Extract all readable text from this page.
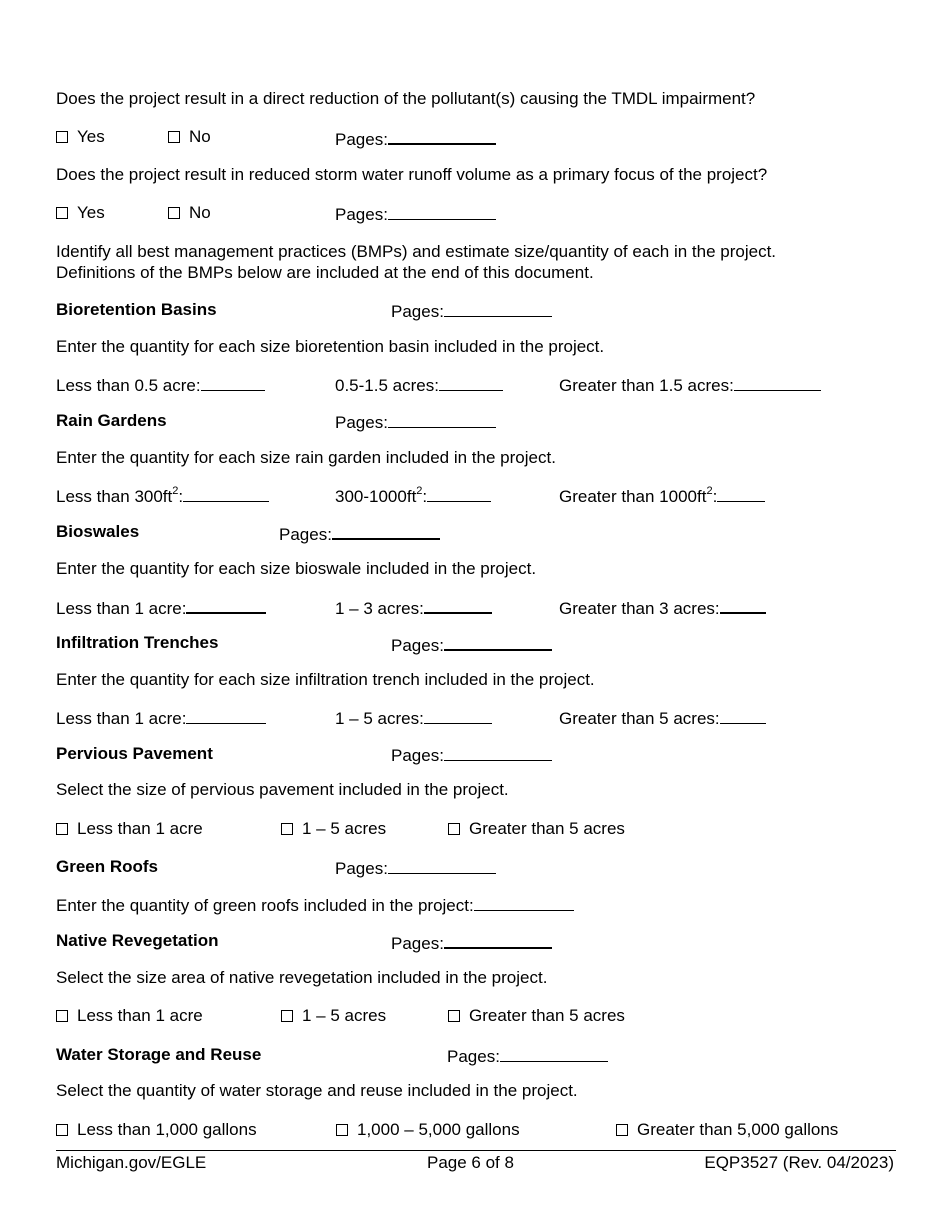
Does the project result in a direct reduction of the pollutant(s) causing the TMDL impairment?
Yes	No	Pages:
Does the project result in reduced storm water runoff volume as a primary focus of the project?
Yes	No	Pages:
Identify all best management practices (BMPs) and estimate size/quantity of each in the project.
Definitions of the BMPs below are included at the end of this document.
Bioretention Basins	Pages:
Enter the quantity for each size bioretention basin included in the project.
Less than 0.5 acre:	0.5-1.5 acres:	Greater than 1.5 acres:
Rain Gardens	Pages:
Enter the quantity for each size rain garden included in the project.
Less than $300ft^2$:	$300-1000ft^2$:	Greater than $1000ft^2$:
Bioswales	Pages:
Enter the quantity for each size bioswale included in the project.
Less than 1 acre:	1 – 3 acres:	Greater than 3 acres:
Infiltration Trenches	Pages:
Enter the quantity for each size infiltration trench included in the project.
Less than 1 acre:	1 – 5 acres:	Greater than 5 acres:
Pervious Pavement	Pages:
Select the size of pervious pavement included in the project.
Less than 1 acre	1 – 5 acres	Greater than 5 acres
Green Roofs	Pages:
Enter the quantity of green roofs included in the project:
Native Revegetation	Pages:
Select the size area of native revegetation included in the project.
Less than 1 acre	1 – 5 acres	Greater than 5 acres
Water Storage and Reuse	Pages:
Select the quantity of water storage and reuse included in the project.
Less than 1,000 gallons	1,000 – 5,000 gallons	Greater than 5,000 gallons
Michigan.gov/EGLE	Page 6 of 8	EQP3527 (Rev. 04/2023)
